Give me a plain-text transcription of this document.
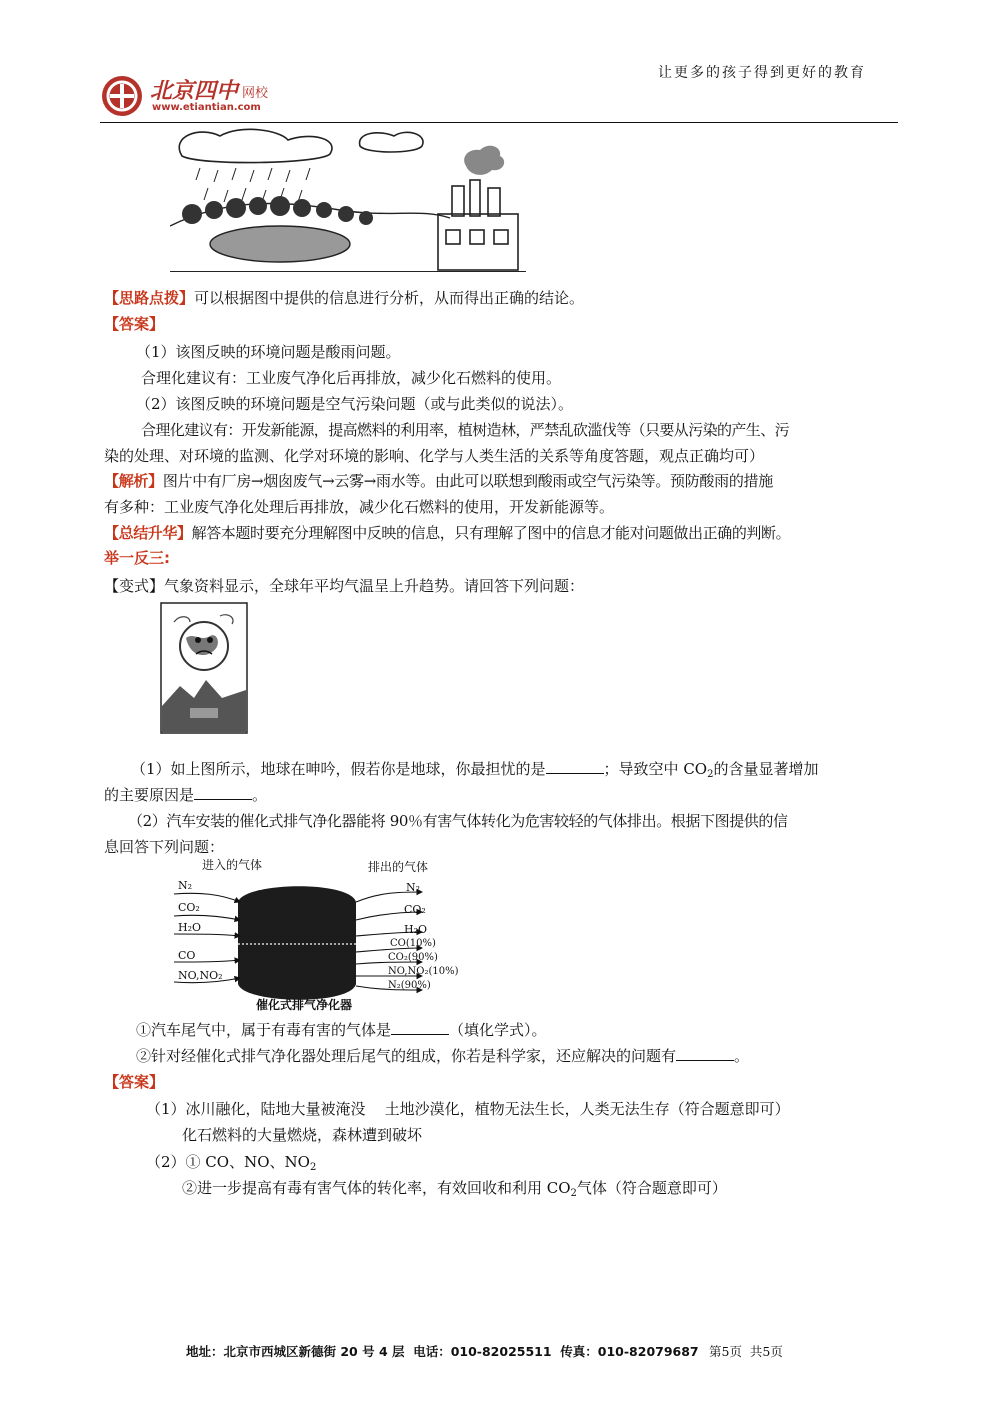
北京四中 网校
www.etiantian.com
让更多的孩子得到更好的教育
【思路点拨】可以根据图中提供的信息进行分析，从而得出正确的结论。
【答案】
（1）该图反映的环境问题是酸雨问题。
合理化建议有：工业废气净化后再排放，减少化石燃料的使用。
（2）该图反映的环境问题是空气污染问题（或与此类似的说法）。
合理化建议有：开发新能源，提高燃料的利用率，植树造林，严禁乱砍滥伐等（只要从污染的产生、污
染的处理、对环境的监测、化学对环境的影响、化学与人类生活的关系等角度答题，观点正确均可）
【解析】图片中有厂房→烟囱废气→云雾→雨水等。由此可以联想到酸雨或空气污染等。预防酸雨的措施
有多种：工业废气净化处理后再排放，减少化石燃料的使用，开发新能源等。
【总结升华】解答本题时要充分理解图中反映的信息，只有理解了图中的信息才能对问题做出正确的判断。
举一反三:
【变式】气象资料显示，全球年平均气温呈上升趋势。请回答下列问题：
（1）如上图所示，地球在呻吟，假若你是地球，你最担忧的是	；导致空中 $CO_2$的含量显著增加
的主要原因是	。
（2）汽车安装的催化式排气净化器能将 90％有害气体转化为危害较轻的气体排出。根据下图提供的信
息回答下列问题：
进入的气体	排出的气体
N₂
CO₂
H₂O
CO
NO,NO₂
N₂
CO₂
H₂O
CO(10%)
CO₂(90%)
NO,NO₂(10%)
N₂(90%)
催化式排气净化器
①汽车尾气中，属于有毒有害的气体是	（填化学式）。
②针对经催化式排气净化器处理后尾气的组成，你若是科学家，还应解决的问题有	。
【答案】
（1）冰川融化，陆地大量被淹没    土地沙漠化，植物无法生长，人类无法生存（符合题意即可）
化石燃料的大量燃烧，森林遭到破坏
（2）① CO、NO、$NO_2$
②进一步提高有毒有害气体的转化率，有效回收和利用 $CO_2$气体（符合题意即可）
地址：北京市西城区新德街 20 号 4 层  电话：010-82025511  传真：010-82079687 第5页  共5页
